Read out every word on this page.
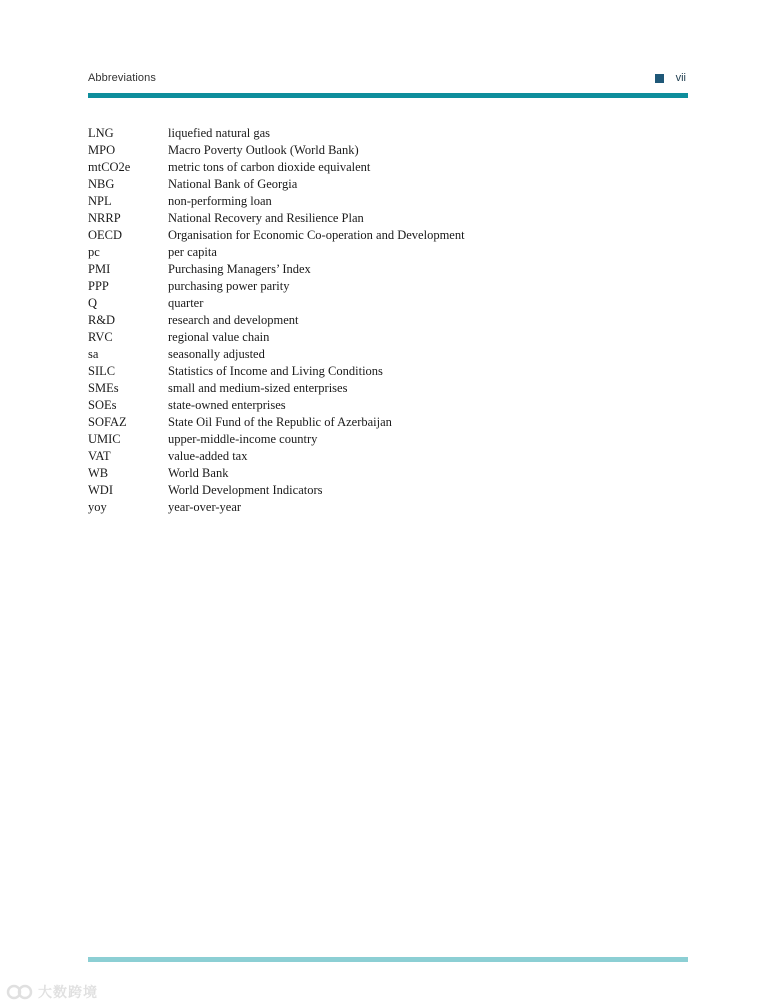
Abbreviations	vii
LNG	liquefied natural gas
MPO	Macro Poverty Outlook (World Bank)
mtCO2e	metric tons of carbon dioxide equivalent
NBG	National Bank of Georgia
NPL	non-performing loan
NRRP	National Recovery and Resilience Plan
OECD	Organisation for Economic Co-operation and Development
pc	per capita
PMI	Purchasing Managers’ Index
PPP	purchasing power parity
Q	quarter
R&D	research and development
RVC	regional value chain
sa	seasonally adjusted
SILC	Statistics of Income and Living Conditions
SMEs	small and medium-sized enterprises
SOEs	state-owned enterprises
SOFAZ	State Oil Fund of the Republic of Azerbaijan
UMIC	upper-middle-income country
VAT	value-added tax
WB	World Bank
WDI	World Development Indicators
yoy	year-over-year
大数跨境
